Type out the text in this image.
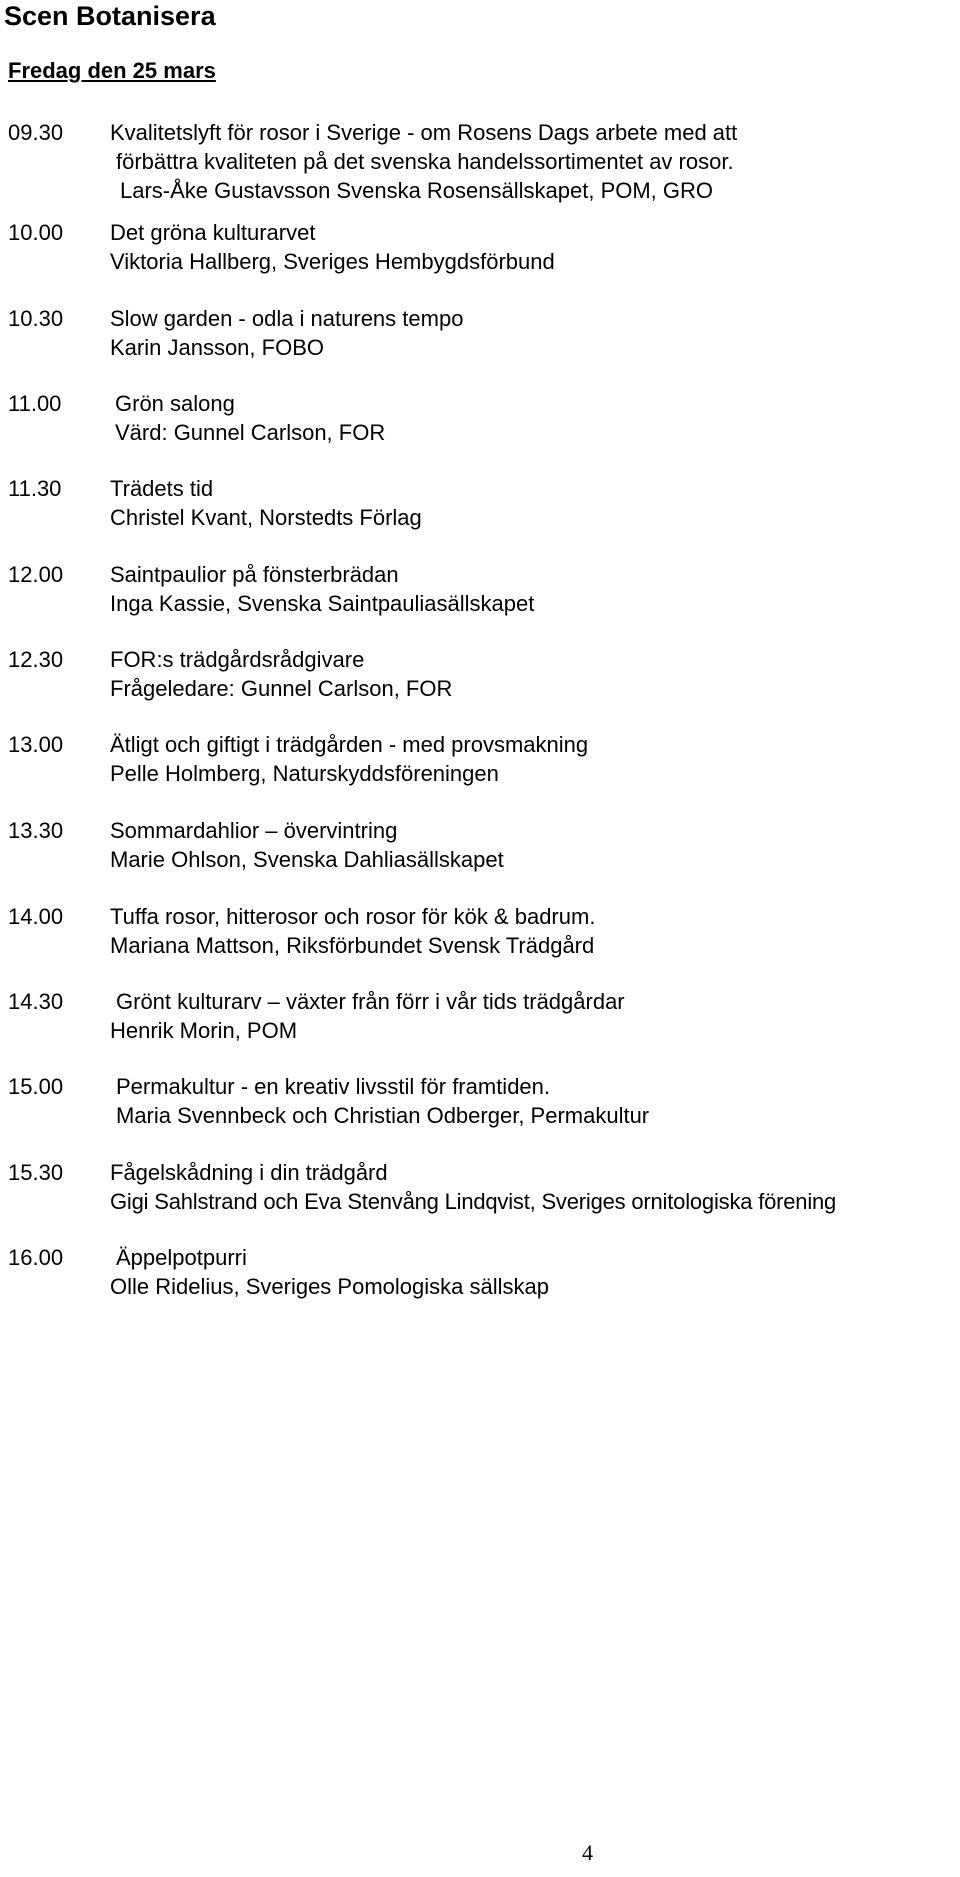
Scen Botanisera
Fredag den 25 mars
09.30 Kvalitetslyft för rosor i Sverige - om Rosens Dags arbete med att
förbättra kvaliteten på det svenska handelssortimentet av rosor.
Lars-Åke Gustavsson Svenska Rosensällskapet, POM, GRO
10.00 Det gröna kulturarvet
Viktoria Hallberg, Sveriges Hembygdsförbund
10.30 Slow garden - odla i naturens tempo
Karin Jansson, FOBO
11.00 Grön salong
Värd: Gunnel Carlson, FOR
11.30 Trädets tid
Christel Kvant, Norstedts Förlag
12.00 Saintpaulior på fönsterbrädan
Inga Kassie, Svenska Saintpauliasällskapet
12.30 FOR:s trädgårdsrådgivare
Frågeledare: Gunnel Carlson, FOR
13.00 Ätligt och giftigt i trädgården - med provsmakning
Pelle Holmberg, Naturskyddsföreningen
13.30 Sommardahlior – övervintring
Marie Ohlson, Svenska Dahliasällskapet
14.00 Tuffa rosor, hitterosor och rosor för kök & badrum.
Mariana Mattson, Riksförbundet Svensk Trädgård
14.30 Grönt kulturarv – växter från förr i vår tids trädgårdar
Henrik Morin, POM
15.00 Permakultur - en kreativ livsstil för framtiden.
Maria Svennbeck och Christian Odberger, Permakultur
15.30 Fågelskådning i din trädgård
Gigi Sahlstrand och Eva Stenvång Lindqvist, Sveriges ornitologiska förening
16.00 Äppelpotpurri
Olle Ridelius, Sveriges Pomologiska sällskap
4
